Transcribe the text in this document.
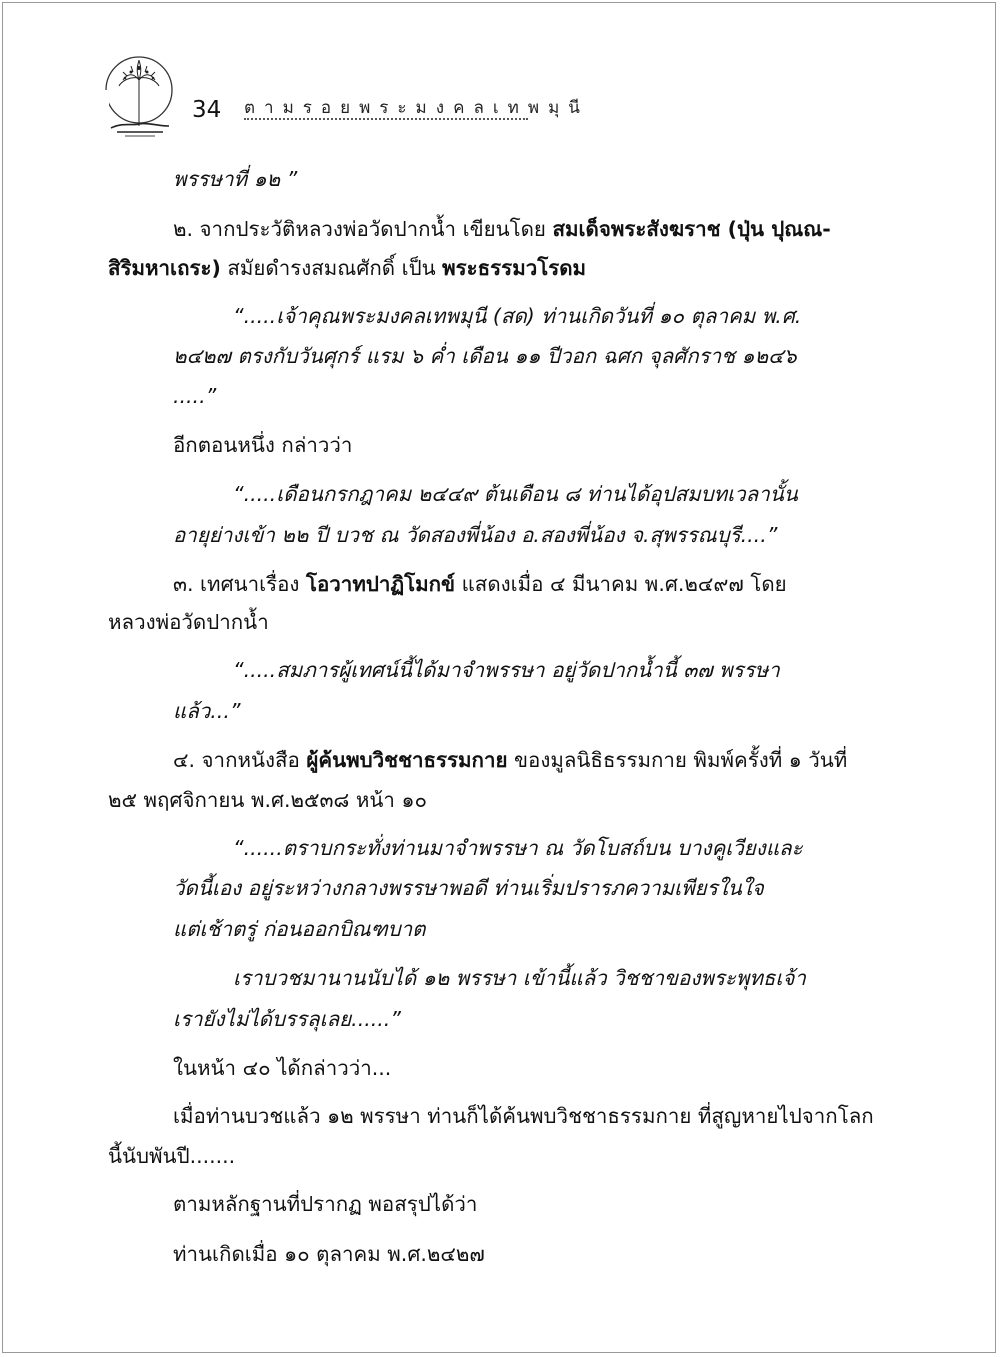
34 ตามรอยพระมงคลเทพมุนี
พรรษาที่ ๑๒ ”
๒. จากประวัติหลวงพ่อวัดปากน้ำ เขียนโดย สมเด็จพระสังฆราช (ปุ่น ปุณณ-
สิริมหาเถระ) สมัยดำรงสมณศักดิ์ เป็น พระธรรมวโรดม
“.....เจ้าคุณพระมงคลเทพมุนี (สด) ท่านเกิดวันที่ ๑๐ ตุลาคม พ.ศ.
๒๔๒๗ ตรงกับวันศุกร์ แรม ๖ ค่ำ เดือน ๑๑ ปีวอก ฉศก จุลศักราช ๑๒๔๖
.....”
อีกตอนหนึ่ง กล่าวว่า
“.....เดือนกรกฎาคม ๒๔๔๙ ต้นเดือน ๘ ท่านได้อุปสมบทเวลานั้น
อายุย่างเข้า ๒๒ ปี บวช ณ วัดสองพี่น้อง อ.สองพี่น้อง จ.สุพรรณบุรี....”
๓. เทศนาเรื่อง โอวาทปาฏิโมกข์ แสดงเมื่อ ๔ มีนาคม พ.ศ.๒๔๙๗ โดย
หลวงพ่อวัดปากน้ำ
“.....สมภารผู้เทศน์นี้ได้มาจำพรรษา อยู่วัดปากน้ำนี้ ๓๗ พรรษา
แล้ว...”
๔. จากหนังสือ ผู้ค้นพบวิชชาธรรมกาย ของมูลนิธิธรรมกาย พิมพ์ครั้งที่ ๑ วันที่
๒๕ พฤศจิกายน พ.ศ.๒๕๓๘ หน้า ๑๐
“......ตราบกระทั่งท่านมาจำพรรษา ณ วัดโบสถ์บน บางคูเวียงและ
วัดนี้เอง อยู่ระหว่างกลางพรรษาพอดี ท่านเริ่มปรารภความเพียรในใจ
แต่เช้าตรู่ ก่อนออกบิณฑบาต
เราบวชมานานนับได้ ๑๒ พรรษา เข้านี้แล้ว วิชชาของพระพุทธเจ้า
เรายังไม่ได้บรรลุเลย......”
ในหน้า ๔๐ ได้กล่าวว่า...
เมื่อท่านบวชแล้ว ๑๒ พรรษา ท่านก็ได้ค้นพบวิชชาธรรมกาย ที่สูญหายไปจากโลก
นี้นับพันปี.......
ตามหลักฐานที่ปรากฏ พอสรุปได้ว่า
ท่านเกิดเมื่อ ๑๐ ตุลาคม พ.ศ.๒๔๒๗
